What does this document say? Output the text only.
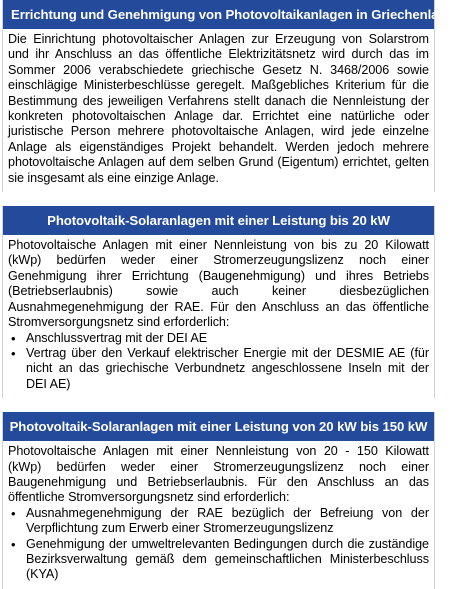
Errichtung und Genehmigung von Photovoltaikanlagen in Griechenland

Die Einrichtung photovoltaischer Anlagen zur Erzeugung von Solarstrom und ihr Anschluss an das öffentliche Elektrizitätsnetz wird durch das im Sommer 2006 verabschiedete griechische Gesetz N. 3468/2006 sowie einschlägige Ministerbeschlüsse geregelt. Maßgebliches Kriterium für die Bestimmung des jeweiligen Verfahrens stellt danach die Nennleistung der konkreten photovoltaischen Anlage dar. Errichtet eine natürliche oder juristische Person mehrere photovoltaische Anlagen, wird jede einzelne Anlage als eigenständiges Projekt behandelt. Werden jedoch mehrere photovoltaische Anlagen auf dem selben Grund (Eigentum) errichtet, gelten sie insgesamt als eine einzige Anlage.

Photovoltaik-Solaranlagen mit einer Leistung bis 20 kW

Photovoltaische Anlagen mit einer Nennleistung von bis zu 20 Kilowatt (kWp) bedürfen weder einer Stromerzeugungslizenz noch einer Genehmigung ihrer Errichtung (Baugenehmigung) und ihres Betriebs (Betriebserlaubnis) sowie auch keiner diesbezüglichen Ausnahmegenehmigung der RAE. Für den Anschluss an das öffentliche Stromversorgungsnetz sind erforderlich:

• Anschlussvertrag mit der DEI AE
• Vertrag über den Verkauf elektrischer Energie mit der DESMIE AE (für nicht an das griechische Verbundnetz angeschlossene Inseln mit der DEI AE)
Photovoltaik-Solaranlagen mit einer Leistung von 20 kW bis 150 kW

Photovoltaische Anlagen mit einer Nennleistung von 20 - 150 Kilowatt (kWp) bedürfen weder einer Stromerzeugungslizenz noch einer Baugenehmigung und Betriebserlaubnis. Für den Anschluss an das öffentliche Stromversorgungsnetz sind erforderlich:

• Ausnahmegenehmigung der RAE bezüglich der Befreiung von der Verpflichtung zum Erwerb einer Stromerzeugungslizenz
• Genehmigung der umweltrelevanten Bedingungen durch die zuständige Bezirksverwaltung gemäß dem gemeinschaftlichen Ministerbeschluss (KYA)
